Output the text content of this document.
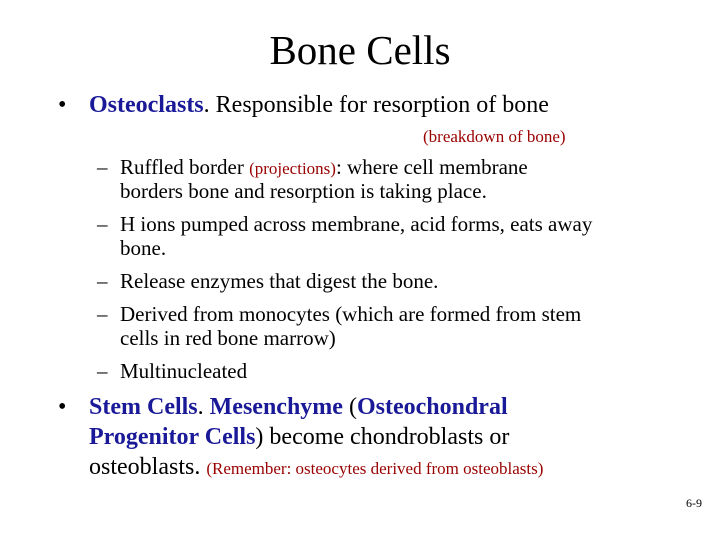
Bone Cells
• Osteoclasts. Responsible for resorption of bone
(breakdown of bone)
– Ruffled border (projections): where cell membrane
borders bone and resorption is taking place.
– H ions pumped across membrane, acid forms, eats away
bone.
– Release enzymes that digest the bone.
– Derived from monocytes (which are formed from stem
cells in red bone marrow)
– Multinucleated
• Stem Cells. Mesenchyme (Osteochondral
Progenitor Cells) become chondroblasts or
osteoblasts. (Remember: osteocytes derived from osteoblasts)
6-9
